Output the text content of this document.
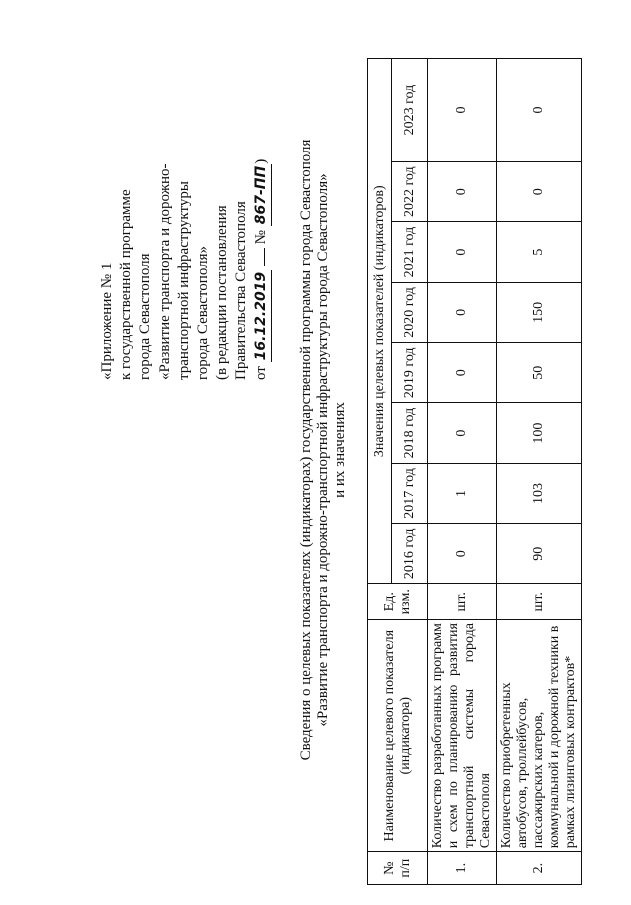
«Приложение № 1 к государственной программе города Севастополя «Развитие транспорта и дорожно- транспортной инфраструктуры города Севастополя» (в редакции постановления Правительства Севастополя от 16.12.2019  № 867-ПП) Сведения о целевых показателях (индикаторах) государственной программы города Севастополя «Развитие транспорта и дорожно-транспортной инфраструктуры города Севастополя» и их значениях
№ п/п	Наименование целевого показателя (индикатора)	Ед. изм.	Значения целевых показателей (индикаторов)							
			2016 год	2017 год	2018 год	2019 год	2020 год	2021 год	2022 год	2023 год
1.	Количество разработанных программ и схем по планированию развития транспортной системы города Севастополя	шт.	0	1	0	0	0	0	0	0
2.	Количество приобретенных автобусов, троллейбусов, пассажирских катеров, коммунальной и дорожной техники в рамках лизинговых контрактов*	шт.	90	103	100	50	150	5	0	0
